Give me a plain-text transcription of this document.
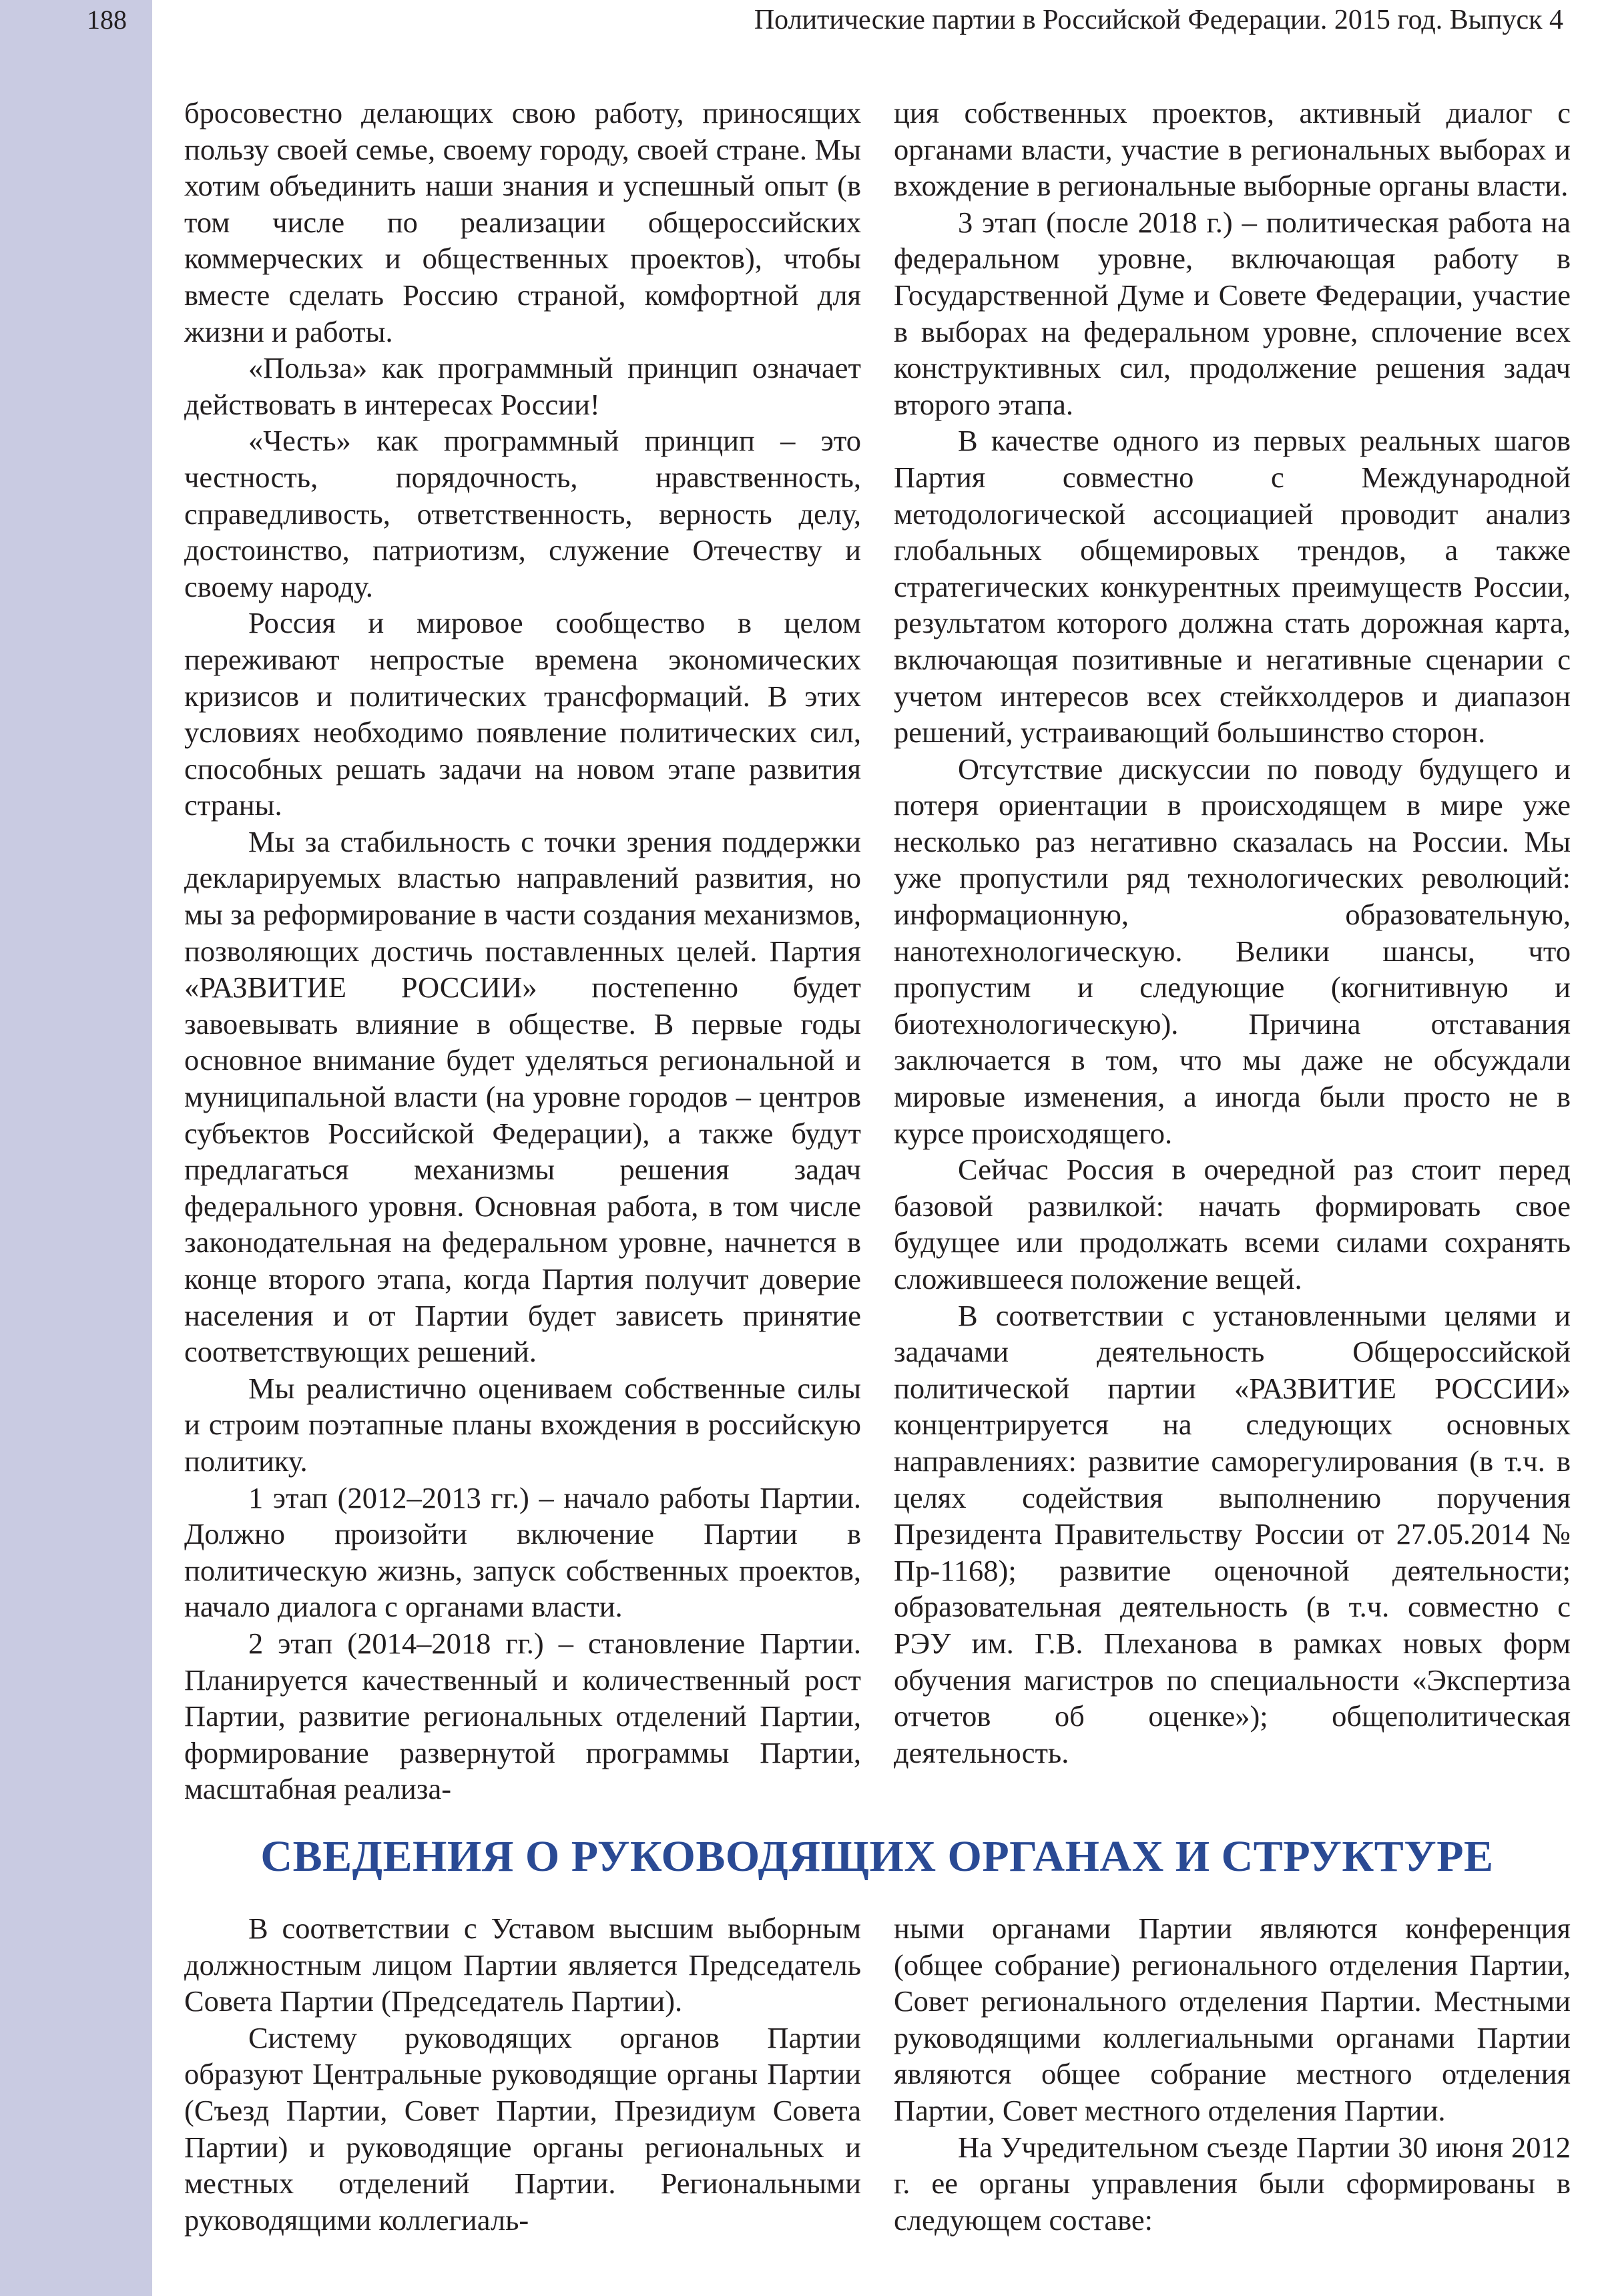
188	Политические партии в Российской Федерации. 2015 год. Выпуск 4

бросовестно делающих свою работу, приносящих пользу своей семье, своему городу, своей стране. Мы хотим объединить наши знания и успешный опыт (в том числе по реализации общероссийских коммерческих и общественных проектов), чтобы вместе сделать Россию страной, комфортной для жизни и работы.

«Польза» как программный принцип означает действовать в интересах России!

«Честь» как программный принцип – это честность, порядочность, нравственность, справедливость, ответственность, верность делу, достоинство, патриотизм, служение Отечеству и своему народу.

Россия и мировое сообщество в целом переживают непростые времена экономических кризисов и политических трансформаций. В этих условиях необходимо появление политических сил, способных решать задачи на новом этапе развития страны.

Мы за стабильность с точки зрения поддержки декларируемых властью направлений развития, но мы за реформирование в части создания механизмов, позволяющих достичь поставленных целей. Партия «РАЗВИТИЕ РОССИИ» постепенно будет завоевывать влияние в обществе. В первые годы основное внимание будет уделяться региональной и муниципальной власти (на уровне городов – центров субъектов Российской Федерации), а также будут предлагаться механизмы решения задач федерального уровня. Основная работа, в том числе законодательная на федеральном уровне, начнется в конце второго этапа, когда Партия получит доверие населения и от Партии будет зависеть принятие соответствующих решений.

Мы реалистично оцениваем собственные силы и строим поэтапные планы вхождения в российскую политику.

1 этап (2012–2013 гг.) – начало работы Партии. Должно произойти включение Партии в политическую жизнь, запуск собственных проектов, начало диалога с органами власти.

2 этап (2014–2018 гг.) – становление Партии. Планируется качественный и количественный рост Партии, развитие региональных отделений Партии, формирование развернутой программы Партии, масштабная реализа-

ция собственных проектов, активный диалог с органами власти, участие в региональных выборах и вхождение в региональные выборные органы власти.

3 этап (после 2018 г.) – политическая работа на федеральном уровне, включающая работу в Государственной Думе и Совете Федерации, участие в выборах на федеральном уровне, сплочение всех конструктивных сил, продолжение решения задач второго этапа.

В качестве одного из первых реальных шагов Партия совместно с Международной методологической ассоциацией проводит анализ глобальных общемировых трендов, а также стратегических конкурентных преимуществ России, результатом которого должна стать дорожная карта, включающая позитивные и негативные сценарии с учетом интересов всех стейкхолдеров и диапазон решений, устраивающий большинство сторон.

Отсутствие дискуссии по поводу будущего и потеря ориентации в происходящем в мире уже несколько раз негативно сказалась на России. Мы уже пропустили ряд технологических революций: информационную, образовательную, нанотехнологическую. Велики шансы, что пропустим и следующие (когнитивную и биотехнологическую). Причина отставания заключается в том, что мы даже не обсуждали мировые изменения, а иногда были просто не в курсе происходящего.

Сейчас Россия в очередной раз стоит перед базовой развилкой: начать формировать свое будущее или продолжать всеми силами сохранять сложившееся положение вещей.

В соответствии с установленными целями и задачами деятельность Общероссийской политической партии «РАЗВИТИЕ РОССИИ» концентрируется на следующих основных направлениях: развитие саморегулирования (в т.ч. в целях содействия выполнению поручения Президента Правительству России от 27.05.2014 № Пр-1168); развитие оценочной деятельности; образовательная деятельность (в т.ч. совместно с РЭУ им. Г.В. Плеханова в рамках новых форм обучения магистров по специальности «Экспертиза отчетов об оценке»); общеполитическая деятельность.

СВЕДЕНИЯ О РУКОВОДЯЩИХ ОРГАНАХ И СТРУКТУРЕ

В соответствии с Уставом высшим выборным должностным лицом Партии является Председатель Совета Партии (Председатель Партии).

Систему руководящих органов Партии образуют Центральные руководящие органы Партии (Съезд Партии, Совет Партии, Президиум Совета Партии) и руководящие органы региональных и местных отделений Партии. Региональными руководящими коллегиаль-

ными органами Партии являются конференция (общее собрание) регионального отделения Партии, Совет регионального отделения Партии. Местными руководящими коллегиальными органами Партии являются общее собрание местного отделения Партии, Совет местного отделения Партии.

На Учредительном съезде Партии 30 июня 2012 г. ее органы управления были сформированы в следующем составе:
